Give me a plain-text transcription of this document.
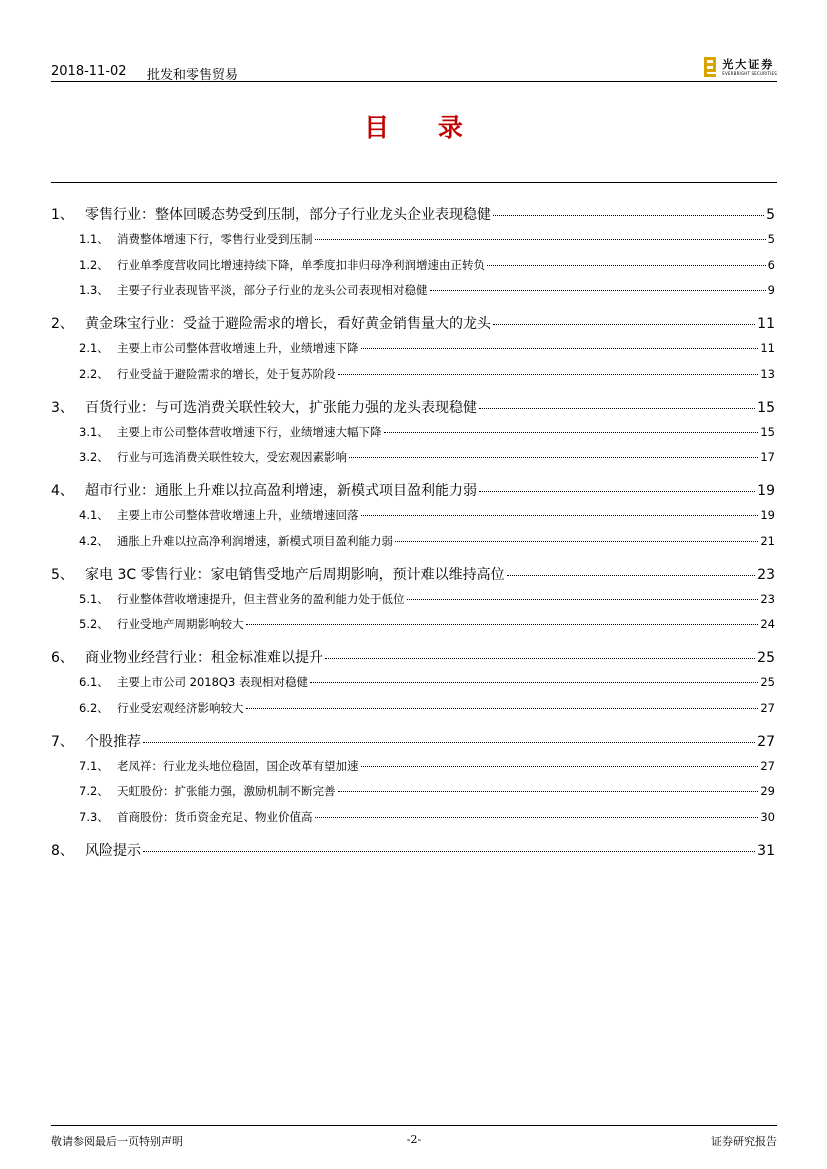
2018-11-02 批发和零售贸易
光大证券
EVERBRIGHT SECURITIES
目 录
1、 零售行业：整体回暖态势受到压制，部分子行业龙头企业表现稳健	5
1.1、 消费整体增速下行，零售行业受到压制	5
1.2、 行业单季度营收同比增速持续下降，单季度扣非归母净利润增速由正转负	6
1.3、 主要子行业表现皆平淡，部分子行业的龙头公司表现相对稳健	9
2、 黄金珠宝行业：受益于避险需求的增长，看好黄金销售量大的龙头	11
2.1、 主要上市公司整体营收增速上升，业绩增速下降	11
2.2、 行业受益于避险需求的增长，处于复苏阶段	13
3、 百货行业：与可选消费关联性较大，扩张能力强的龙头表现稳健	15
3.1、 主要上市公司整体营收增速下行，业绩增速大幅下降	15
3.2、 行业与可选消费关联性较大，受宏观因素影响	17
4、 超市行业：通胀上升难以拉高盈利增速，新模式项目盈利能力弱	19
4.1、 主要上市公司整体营收增速上升，业绩增速回落	19
4.2、 通胀上升难以拉高净利润增速，新模式项目盈利能力弱	21
5、 家电 3C 零售行业：家电销售受地产后周期影响，预计难以维持高位	23
5.1、 行业整体营收增速提升，但主营业务的盈利能力处于低位	23
5.2、 行业受地产周期影响较大	24
6、 商业物业经营行业：租金标准难以提升	25
6.1、 主要上市公司 2018Q3 表现相对稳健	25
6.2、 行业受宏观经济影响较大	27
7、 个股推荐	27
7.1、 老凤祥：行业龙头地位稳固，国企改革有望加速	27
7.2、 天虹股份：扩张能力强，激励机制不断完善	29
7.3、 首商股份：货币资金充足、物业价值高	30
8、 风险提示	31
敬请参阅最后一页特别声明	-2-	证券研究报告
